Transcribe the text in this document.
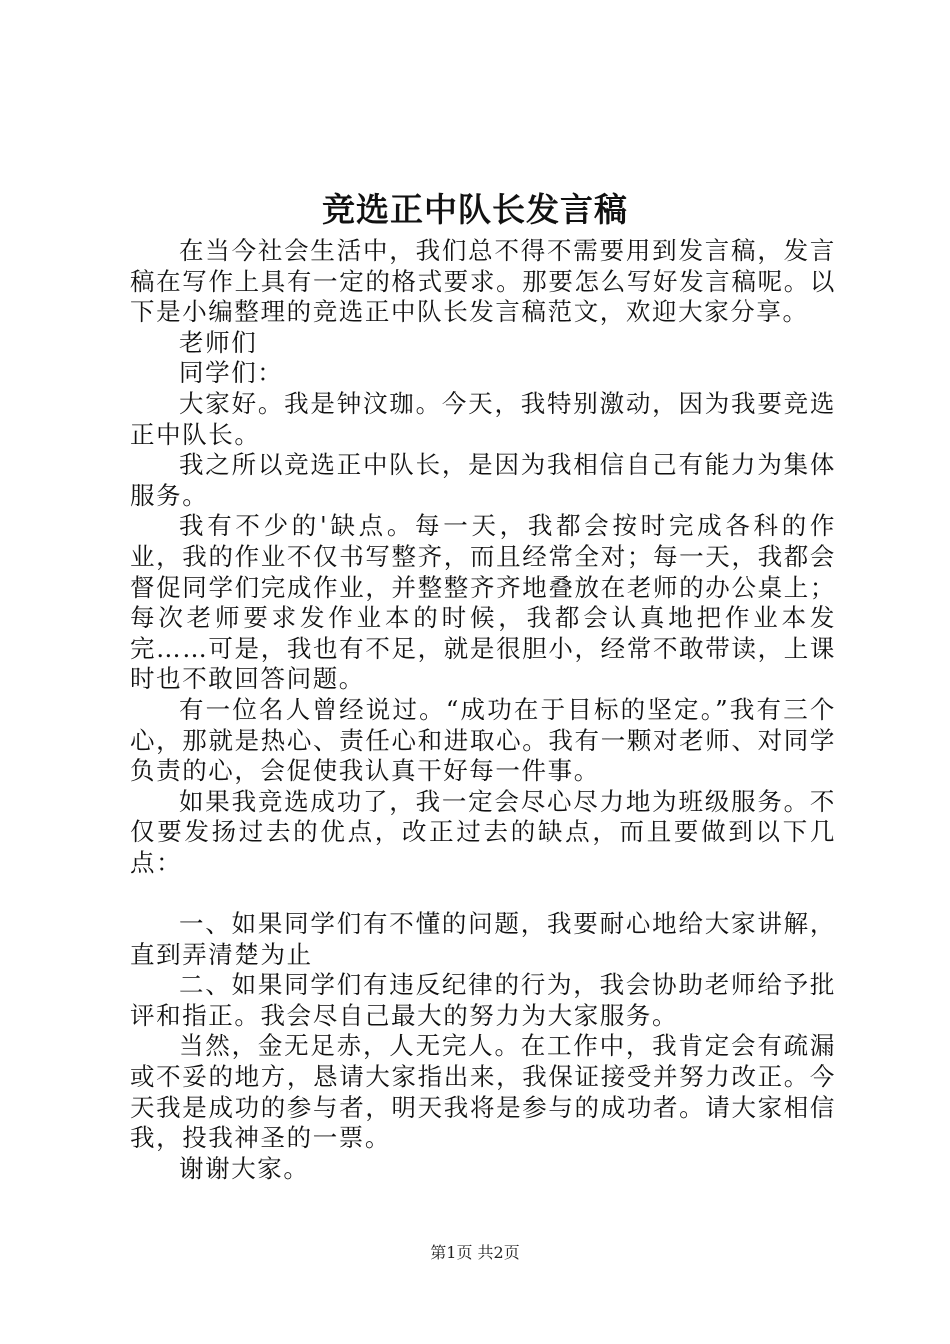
竞选正中队长发言稿

在当今社会生活中，我们总不得不需要用到发言稿，发言稿在写作上具有一定的格式要求。那要怎么写好发言稿呢。以下是小编整理的竞选正中队长发言稿范文，欢迎大家分享。

老师们

同学们：

大家好。我是钟汶珈。今天，我特别激动，因为我要竞选正中队长。

我之所以竞选正中队长，是因为我相信自己有能力为集体服务。

我有不少的'缺点。每一天，我都会按时完成各科的作业，我的作业不仅书写整齐，而且经常全对；每一天，我都会督促同学们完成作业，并整整齐齐地叠放在老师的办公桌上；每次老师要求发作业本的时候，我都会认真地把作业本发完……可是，我也有不足，就是很胆小，经常不敢带读，上课时也不敢回答问题。

有一位名人曾经说过。“成功在于目标的坚定。”我有三个心，那就是热心、责任心和进取心。我有一颗对老师、对同学负责的心，会促使我认真干好每一件事。

如果我竞选成功了，我一定会尽心尽力地为班级服务。不仅要发扬过去的优点，改正过去的缺点，而且要做到以下几点：

一、如果同学们有不懂的问题，我要耐心地给大家讲解，直到弄清楚为止

二、如果同学们有违反纪律的行为，我会协助老师给予批评和指正。我会尽自己最大的努力为大家服务。

当然，金无足赤，人无完人。在工作中，我肯定会有疏漏或不妥的地方，恳请大家指出来，我保证接受并努力改正。今天我是成功的参与者，明天我将是参与的成功者。请大家相信我，投我神圣的一票。

谢谢大家。

第1页 共2页
